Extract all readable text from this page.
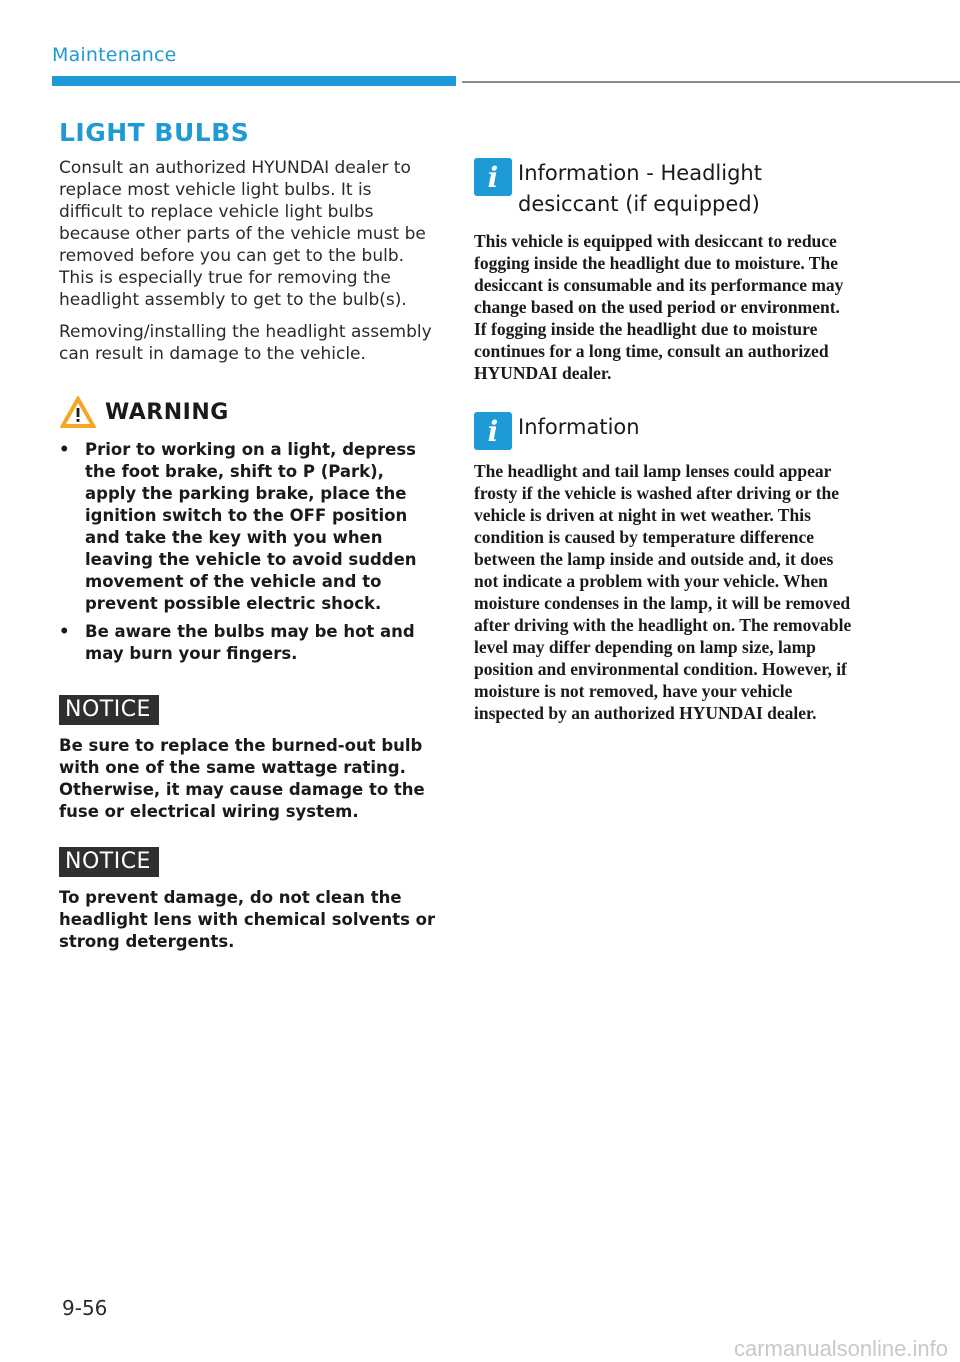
Maintenance
LIGHT BULBS

Consult an authorized HYUNDAI dealer to replace most vehicle light bulbs. It is difficult to replace vehicle light bulbs because other parts of the vehicle must be removed before you can get to the bulb. This is especially true for removing the headlight assembly to get to the bulb(s).

Removing/installing the headlight assembly can result in damage to the vehicle.

WARNING
• Prior to working on a light, depress the foot brake, shift to P (Park), apply the parking brake, place the ignition switch to the OFF position and take the key with you when leaving the vehicle to avoid sudden movement of the vehicle and to prevent possible electric shock.
• Be aware the bulbs may be hot and may burn your fingers.
NOTICE

Be sure to replace the burned-out bulb with one of the same wattage rating. Otherwise, it may cause damage to the fuse or electrical wiring system.

NOTICE

To prevent damage, do not clean the headlight lens with chemical solvents or strong detergents.

i Information - Headlight desiccant (if equipped)

This vehicle is equipped with desiccant to reduce fogging inside the headlight due to moisture. The desiccant is consumable and its performance may change based on the used period or environment. If fogging inside the headlight due to moisture continues for a long time, consult an authorized HYUNDAI dealer.

i Information

The headlight and tail lamp lenses could appear frosty if the vehicle is washed after driving or the vehicle is driven at night in wet weather. This condition is caused by temperature difference between the lamp inside and outside and, it does not indicate a problem with your vehicle. When moisture condenses in the lamp, it will be removed after driving with the headlight on. The removable level may differ depending on lamp size, lamp position and environmental condition. However, if moisture is not removed, have your vehicle inspected by an authorized HYUNDAI dealer.

9-56
carmanualsonline.info
